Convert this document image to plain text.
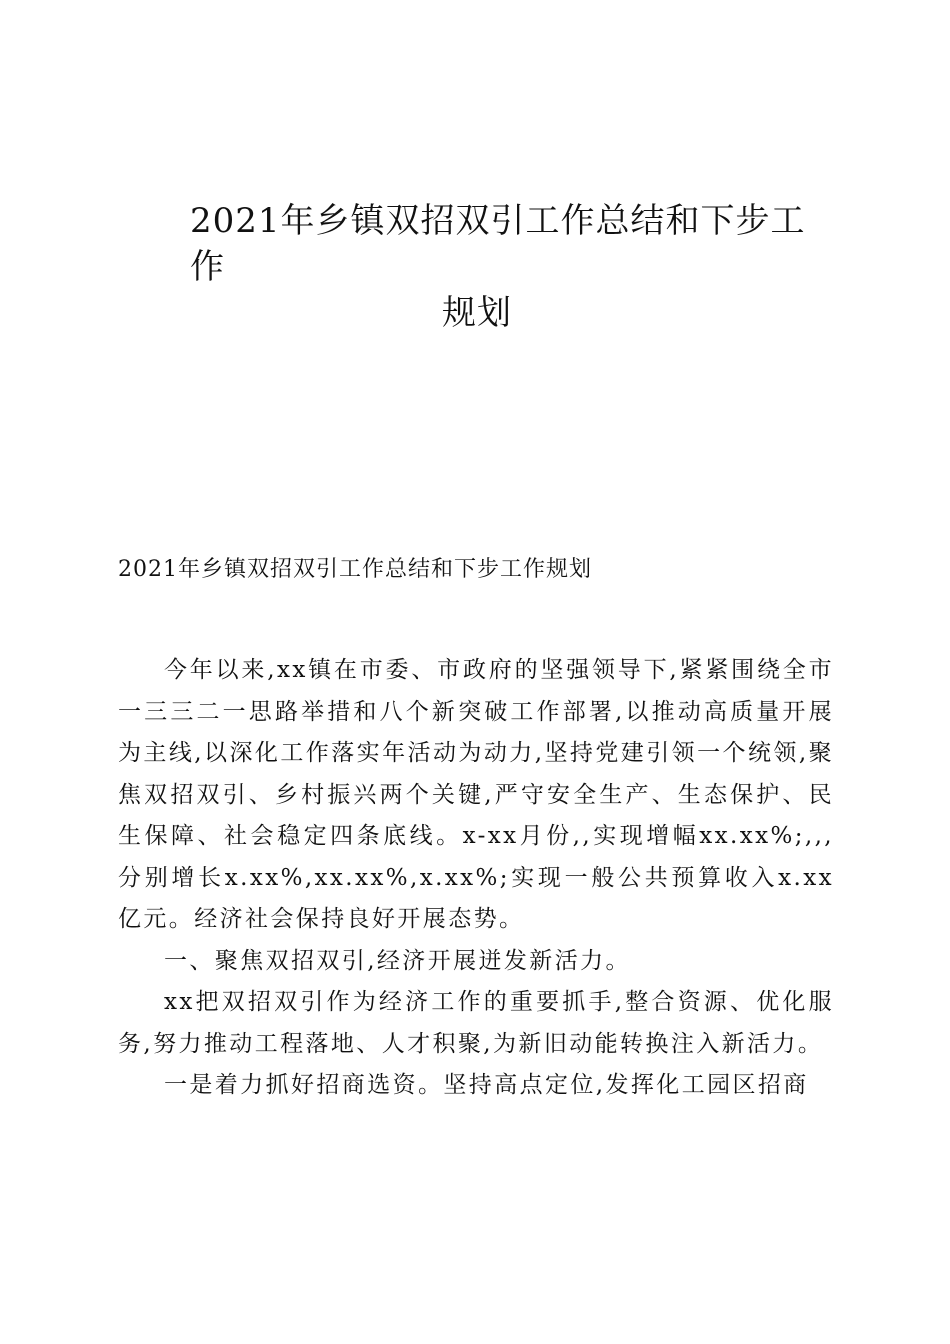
2021年乡镇双招双引工作总结和下步工作
规划
2021年乡镇双招双引工作总结和下步工作规划

今年以来,xx镇在市委、市政府的坚强领导下,紧紧围绕全市一三三二一思路举措和八个新突破工作部署,以推动高质量开展为主线,以深化工作落实年活动为动力,坚持党建引领一个统领,聚焦双招双引、乡村振兴两个关键,严守安全生产、生态保护、民生保障、社会稳定四条底线。x-xx月份,,实现增幅xx.xx%;,,,分别增长x.xx%,xx.xx%,x.xx%;实现一般公共预算收入x.xx亿元。经济社会保持良好开展态势。

一、聚焦双招双引,经济开展迸发新活力。

xx把双招双引作为经济工作的重要抓手,整合资源、优化服务,努力推动工程落地、人才积聚,为新旧动能转换注入新活力。

一是着力抓好招商选资。坚持高点定位,发挥化工园区招商
